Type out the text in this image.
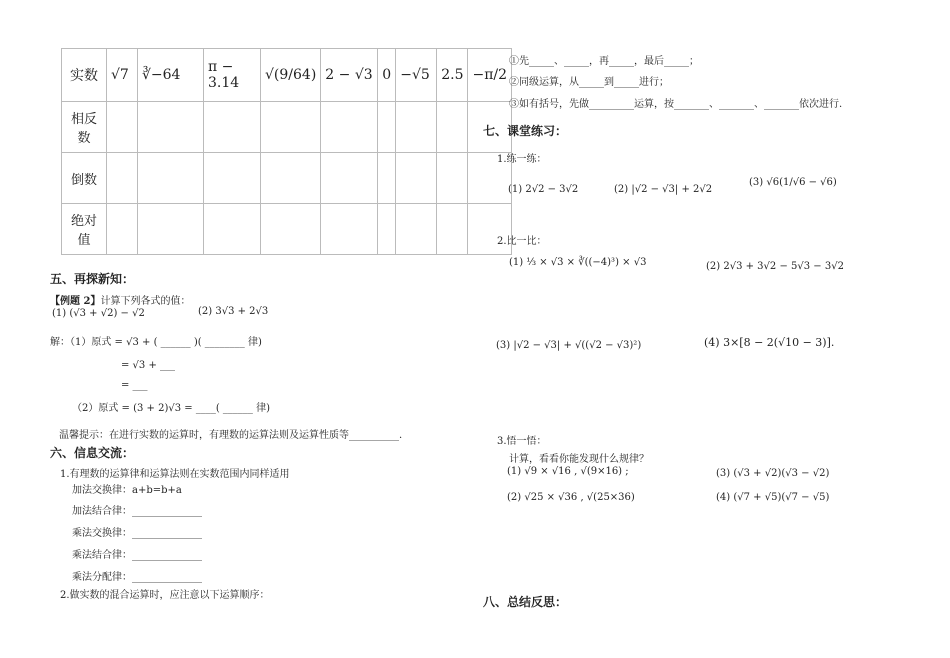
实数	√7	∛−64	π − 3.14	√(9/64)	2 − √3	0	−√5	2.5	−π/2
相反数									
倒数									
绝对值									
五、再探新知：
【例题 2】计算下列各式的值：
(1) (√3 + √2) − √2	(2) 3√3 + 2√3
解：（1）原式 = √3 + ( ______ )( ________ 律)
= √3 + ___
= ___
（2）原式 = (3 + 2)√3 = ____( ______ 律)
温馨提示：在进行实数的运算时，有理数的运算法则及运算性质等__________.
六、信息交流：
1.有理数的运算律和运算法则在实数范围内同样适用
加法交换律：a+b=b+a
加法结合律：______________
乘法交换律：______________
乘法结合律：______________
乘法分配律：______________
2.做实数的混合运算时，应注意以下运算顺序：
①先_____、_____，再_____，最后_____；
②同级运算，从_____到_____进行；
③如有括号，先做_________运算，按_______、_______、_______依次进行.
七、课堂练习：
1.练一练：
(1) 2√2 − 3√2	(2) |√2 − √3| + 2√2
(3) √6(1/√6 − √6)
2.比一比：
(1) ⅓ × √3 × ∛((−4)³) × √3	(2) 2√3 + 3√2 − 5√3 − 3√2
(3) |√2 − √3| + √((√2 − √3)²)	(4) 3×[8 − 2(√10 − 3)].
3.悟一悟：
计算，看看你能发现什么规律？
(1) √9 × √16 , √(9×16) ;
(2) √25 × √36 , √(25×36)
(3) (√3 + √2)(√3 − √2)
(4) (√7 + √5)(√7 − √5)
八、总结反思：
